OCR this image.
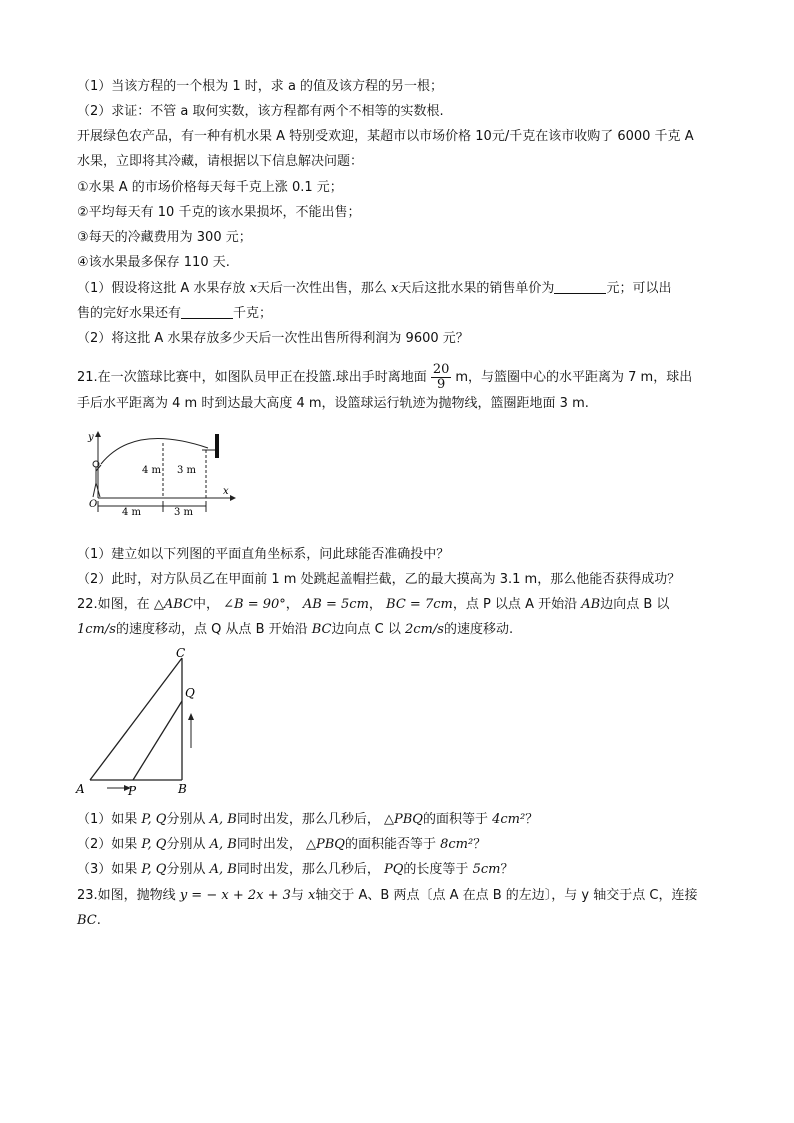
（1）当该方程的一个根为 1 时，求 a 的值及该方程的另一根；
（2）求证：不管 a 取何实数，该方程都有两个不相等的实数根.
开展绿色农产品，有一种有机水果 A 特别受欢迎，某超市以市场价格 10元/千克在该市收购了 6000 千克 A
水果，立即将其冷藏，请根据以下信息解决问题：
①水果 A 的市场价格每天每千克上涨 0.1 元；
②平均每天有 10 千克的该水果损坏，不能出售；
③每天的冷藏费用为 300 元；
④该水果最多保存 110 天.
（1）假设将这批 A 水果存放 x天后一次性出售，那么 x天后这批水果的销售单价为	元；可以出
售的完好水果还有	千克；
（2）将这批 A 水果存放多少天后一次性出售所得利润为 9600 元？
21.在一次篮球比赛中，如图队员甲正在投篮.球出手时离地面 $\frac{20}{9}$ m，与篮圈中心的水平距离为 7 m，球出
手后水平距离为 4 m 时到达最大高度 4 m，设篮球运行轨迹为抛物线，篮圈距地面 3 m.
y
x
O
4 m 3 m
4 m	3 m
（1）建立如以下列图的平面直角坐标系，问此球能否准确投中？
（2）此时，对方队员乙在甲面前 1 m 处跳起盖帽拦截，乙的最大摸高为 3.1 m，那么他能否获得成功？
22.如图，在 △ABC中， ∠B = 90°， AB = 5cm， BC = 7cm，点 P 以点 A 开始沿 AB边向点 B 以
1cm/s的速度移动，点 Q 从点 B 开始沿 BC边向点 C 以 2cm/s的速度移动.
A	B
C
P
Q
（1）如果 P, Q分别从 A, B同时出发，那么几秒后， △PBQ的面积等于 4cm²？
（2）如果 P, Q分别从 A, B同时出发， △PBQ的面积能否等于 8cm²？
（3）如果 P, Q分别从 A, B同时出发，那么几秒后， PQ的长度等于 5cm？
23.如图，抛物线 y = − x + 2x + 3与 x轴交于 A、B 两点〔点 A 在点 B 的左边〕，与 y 轴交于点 C，连接
BC.
